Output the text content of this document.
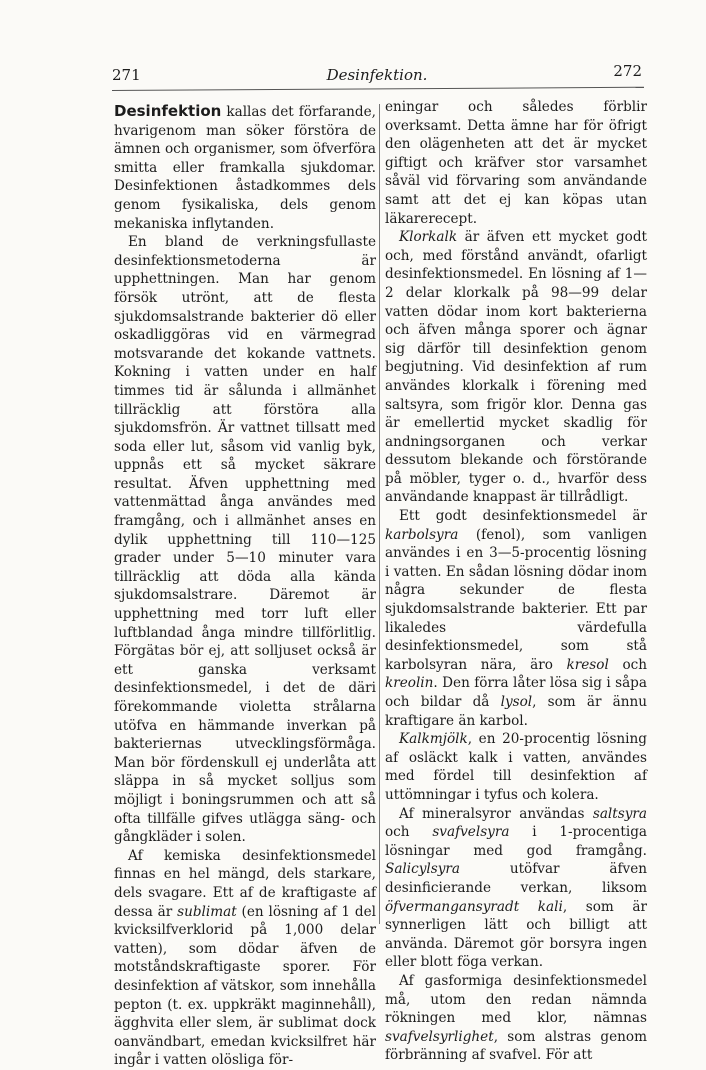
271	Desinfektion.	272

Desinfektion kallas det förfarande, hvarigenom man söker förstöra de ämnen och organismer, som öfverföra smitta eller framkalla sjukdomar. Desinfektionen åstadkommes dels genom fysikaliska, dels genom mekaniska inflytanden.

En bland de verkningsfullaste desinfektionsmetoderna är upphettningen. Man har genom försök utrönt, att de flesta sjukdomsalstrande bakterier dö eller oskadliggöras vid en värmegrad motsvarande det kokande vattnets. Kokning i vatten under en half timmes tid är sålunda i allmänhet tillräcklig att förstöra alla sjukdomsfrön. Är vattnet tillsatt med soda eller lut, såsom vid vanlig byk, uppnås ett så mycket säkrare resultat. Äfven upphettning med vattenmättad ånga användes med framgång, och i allmänhet anses en dylik upphettning till 110—125 grader under 5—10 minuter vara tillräcklig att döda alla kända sjukdomsalstrare. Däremot är upphettning med torr luft eller luftblandad ånga mindre tillförlitlig. Förgätas bör ej, att solljuset också är ett ganska verksamt desinfektionsmedel, i det de däri förekommande violetta strålarna utöfva en hämmande inverkan på bakteriernas utvecklingsförmåga. Man bör fördenskull ej underlåta att släppa in så mycket solljus som möjligt i boningsrummen och att så ofta tillfälle gifves utlägga säng- och gångkläder i solen.

Af kemiska desinfektionsmedel finnas en hel mängd, dels starkare, dels svagare. Ett af de kraftigaste af dessa är sublimat (en lösning af 1 del kvicksilfverklorid på 1,000 delar vatten), som dödar äfven de motståndskraftigaste sporer. För desinfektion af vätskor, som innehålla pepton (t. ex. uppkräkt maginnehåll), ägghvita eller slem, är sublimat dock oanvändbart, emedan kvicksilfret här ingår i vatten olösliga för-

eningar och således förblir overksamt. Detta ämne har för öfrigt den olägenheten att det är mycket giftigt och kräfver stor varsamhet såväl vid förvaring som användande samt att det ej kan köpas utan läkarerecept.

Klorkalk är äfven ett mycket godt och, med förstånd användt, ofarligt desinfektionsmedel. En lösning af 1—2 delar klorkalk på 98—99 delar vatten dödar inom kort bakterierna och äfven många sporer och ägnar sig därför till desinfektion genom begjutning. Vid desinfektion af rum användes klorkalk i förening med saltsyra, som frigör klor. Denna gas är emellertid mycket skadlig för andningsorganen och verkar dessutom blekande och förstörande på möbler, tyger o. d., hvarför dess användande knappast är tillrådligt.

Ett godt desinfektionsmedel är karbolsyra (fenol), som vanligen användes i en 3—5-procentig lösning i vatten. En sådan lösning dödar inom några sekunder de flesta sjukdomsalstrande bakterier. Ett par likaledes värdefulla desinfektionsmedel, som stå karbolsyran nära, äro kresol och kreolin. Den förra låter lösa sig i såpa och bildar då lysol, som är ännu kraftigare än karbol.

Kalkmjölk, en 20-procentig lösning af osläckt kalk i vatten, användes med fördel till desinfektion af uttömningar i tyfus och kolera.

Af mineralsyror användas saltsyra och svafvelsyra i 1-procentiga lösningar med god framgång. Salicylsyra utöfvar äfven desinficierande verkan, liksom öfvermangansyradt kali, som är synnerligen lätt och billigt att använda. Däremot gör borsyra ingen eller blott föga verkan.

Af gasformiga desinfektionsmedel må, utom den redan nämnda rökningen med klor, nämnas svafvelsyrlighet, som alstras genom förbränning af svafvel. För att
